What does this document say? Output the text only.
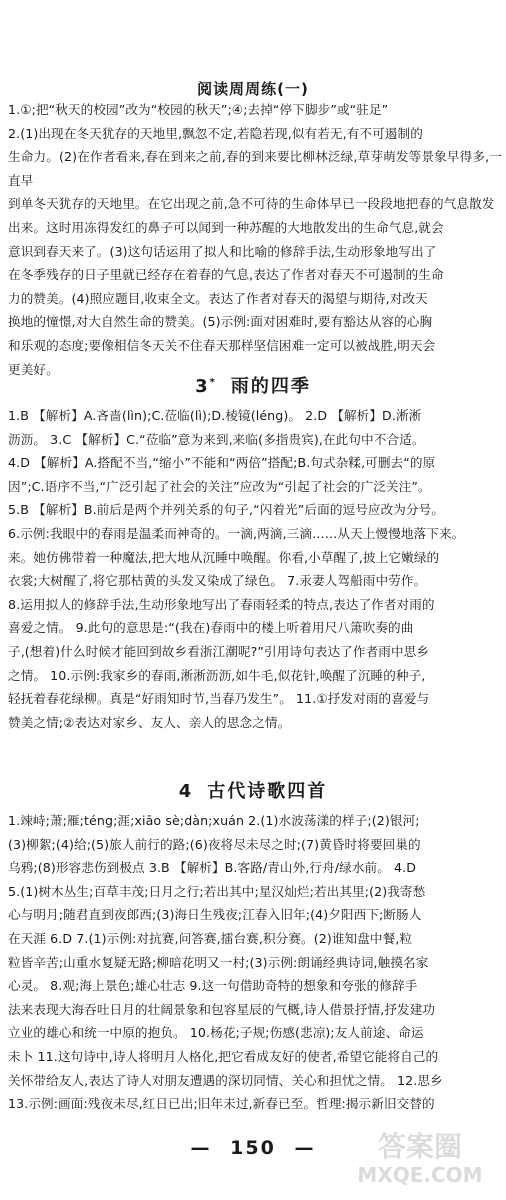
阅读周周练(一)

1.①;把“秋天的校园”改为“校园的秋天”;④;去掉“停下脚步”或“驻足”

2.(1)出现在冬天犹存的天地里,飘忽不定,若隐若现,似有若无,有不可遏制的

生命力。(2)在作者看来,春在到来之前,春的到来要比柳林泛绿,草芽萌发等景象早得多,一直早

到单冬天犹存的天地里。在它出现之前,急不可待的生命体早已一段段地把春的气息散发

出来。这时用冻得发红的鼻子可以闻到一种苏醒的大地散发出的生命气息,就会

意识到春天来了。(3)这句话运用了拟人和比喻的修辞手法,生动形象地写出了

在冬季残存的日子里就已经存在着春的气息,表达了作者对春天不可遏制的生命

力的赞美。(4)照应题目,收束全文。表达了作者对春天的渴望与期待,对改天

换地的憧憬,对大自然生命的赞美。(5)示例:面对困难时,要有豁达从容的心胸

和乐观的态度;要像相信冬天关不住春天那样坚信困难一定可以被战胜,明天会

更美好。

3* 雨的四季

1.B 【解析】A.吝啬(lìn);C.莅临(lì);D.棱镜(léng)。 2.D 【解析】D.淅淅

沥沥。 3.C 【解析】C.“莅临”意为来到,来临(多指贵宾),在此句中不合适。

4.D 【解析】A.搭配不当,“缩小”不能和“两倍”搭配;B.句式杂糅,可删去“的原

因”;C.语序不当,“广泛引起了社会的关注”应改为“引起了社会的广泛关注”。

5.B 【解析】B.前后是两个并列关系的句子,“闪着光”后面的逗号应改为分号。

6.示例:我眼中的春雨是温柔而神奇的。一滴,两滴,三滴……从天上慢慢地落下来。

来。她仿佛带着一种魔法,把大地从沉睡中唤醒。你看,小草醒了,披上它嫩绿的

衣裳;大树醒了,将它那枯黄的头发又染成了绿色。 7.汞妻人驾船雨中劳作。

8.运用拟人的修辞手法,生动形象地写出了春雨轻柔的特点,表达了作者对雨的

喜爱之情。 9.此句的意思是:“(我在)春雨中的楼上听着用尺八箫吹奏的曲

子,(想着)什么时候才能回到故乡看浙江潮呢?”引用诗句表达了作者雨中思乡

之情。 10.示例:我家乡的春雨,淅淅沥沥,如牛毛,似花针,唤醒了沉睡的种子,

轻抚着春花绿柳。真是“好雨知时节,当春乃发生”。 11.①抒发对雨的喜爱与

赞美之情;②表达对家乡、友人、亲人的思念之情。

4 古代诗歌四首

1.竦峙;萧;雁;téng;涯;xiāo sè;dàn;xuán 2.(1)水波荡漾的样子;(2)银河;

(3)柳絮;(4)给;(5)旅人前行的路;(6)夜将尽未尽之时;(7)黄昏时将要回巢的

乌鸦;(8)形容悲伤到极点 3.B 【解析】B.客路/青山外,行舟/绿水前。 4.D

5.(1)树木丛生;百草丰茂;日月之行;若出其中;星汉灿烂;若出其里;(2)我寄愁

心与明月;随君直到夜郎西;(3)海日生残夜;江春入旧年;(4)夕阳西下;断肠人

在天涯 6.D 7.(1)示例:对抗赛,问答赛,擂台赛,积分赛。(2)谁知盘中餐,粒

粒皆辛苦;山重水复疑无路;柳暗花明又一村;(3)示例:朗诵经典诗词,触摸名家

心灵。 8.观;海上景色;雄心壮志 9.这一句借助奇特的想象和夸张的修辞手

法来表现大海吞吐日月的壮阔景象和包容星辰的气概,诗人借景抒情,抒发建功

立业的雄心和统一中原的抱负。 10.杨花;子规;伤感(悲凉);友人前途、命运

未卜 11.这句诗中,诗人将明月人格化,把它看成友好的使者,希望它能将自己的

关怀带给友人,表达了诗人对朋友遭遇的深切同情、关心和担忧之情。 12.思乡

13.示例:画面:残夜未尽,红日已出;旧年未过,新春已至。哲理:揭示新旧交替的

— 150 —	答案圈
MXQE.COM
